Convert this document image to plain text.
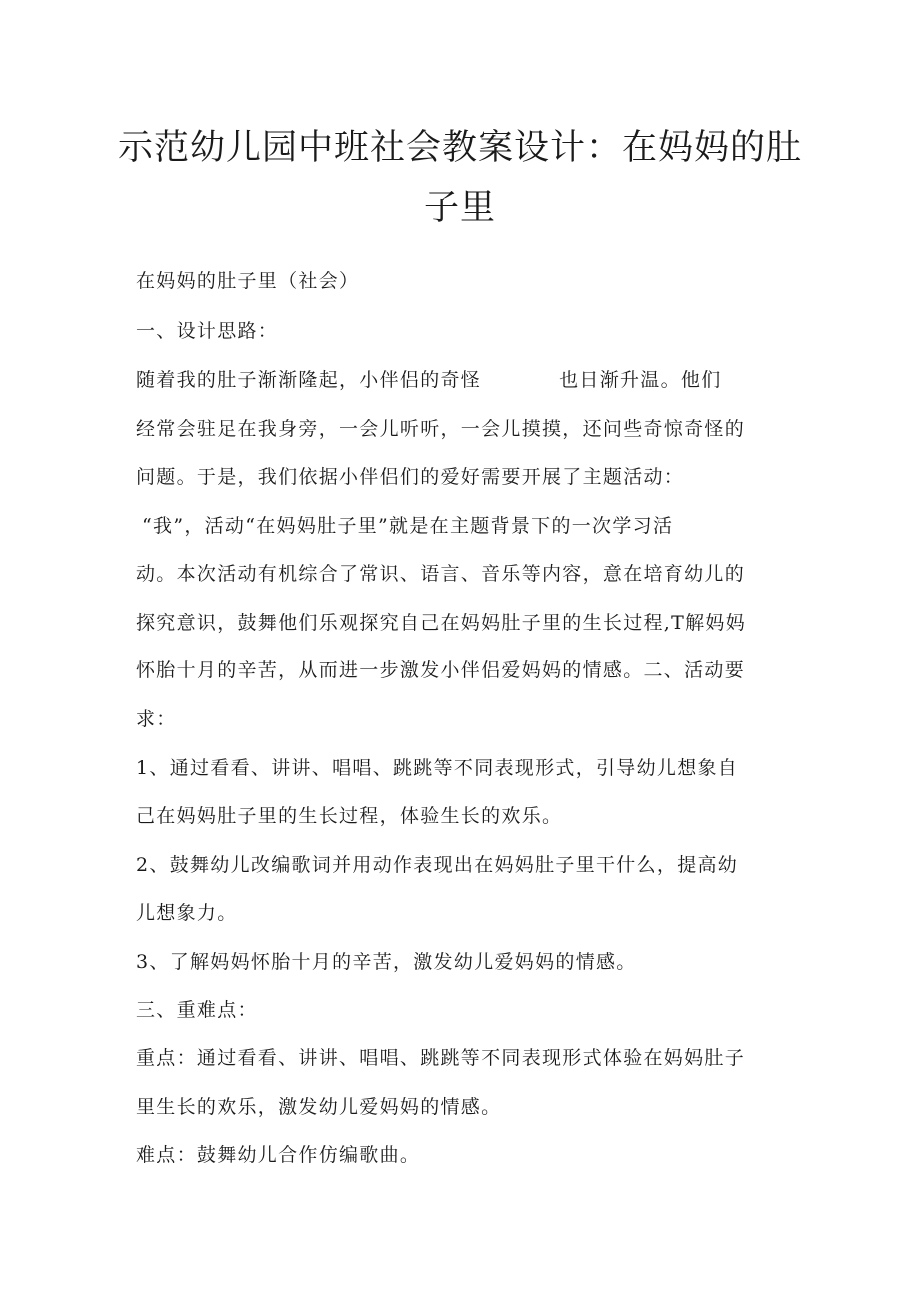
示范幼儿园中班社会教案设计：在妈妈的肚
子里
在妈妈的肚子里（社会）
一、设计思路：
随着我的肚子渐渐隆起，小伴侣的奇怪	也日渐升温。他们
经常会驻足在我身旁，一会儿听听，一会儿摸摸，还问些奇惊奇怪的
问题。于是，我们依据小伴侣们的爱好需要开展了主题活动：
“我”，活动“在妈妈肚子里”就是在主题背景下的一次学习活
动。本次活动有机综合了常识、语言、音乐等内容，意在培育幼儿的
探究意识，鼓舞他们乐观探究自己在妈妈肚子里的生长过程,T解妈妈
怀胎十月的辛苦，从而进一步激发小伴侣爱妈妈的情感。二、活动要
求：
1、通过看看、讲讲、唱唱、跳跳等不同表现形式，引导幼儿想象自
己在妈妈肚子里的生长过程，体验生长的欢乐。
2、鼓舞幼儿改编歌词并用动作表现出在妈妈肚子里干什么，提高幼
儿想象力。
3、了解妈妈怀胎十月的辛苦，激发幼儿爱妈妈的情感。
三、重难点：
重点：通过看看、讲讲、唱唱、跳跳等不同表现形式体验在妈妈肚子
里生长的欢乐，激发幼儿爱妈妈的情感。
难点：鼓舞幼儿合作仿编歌曲。
